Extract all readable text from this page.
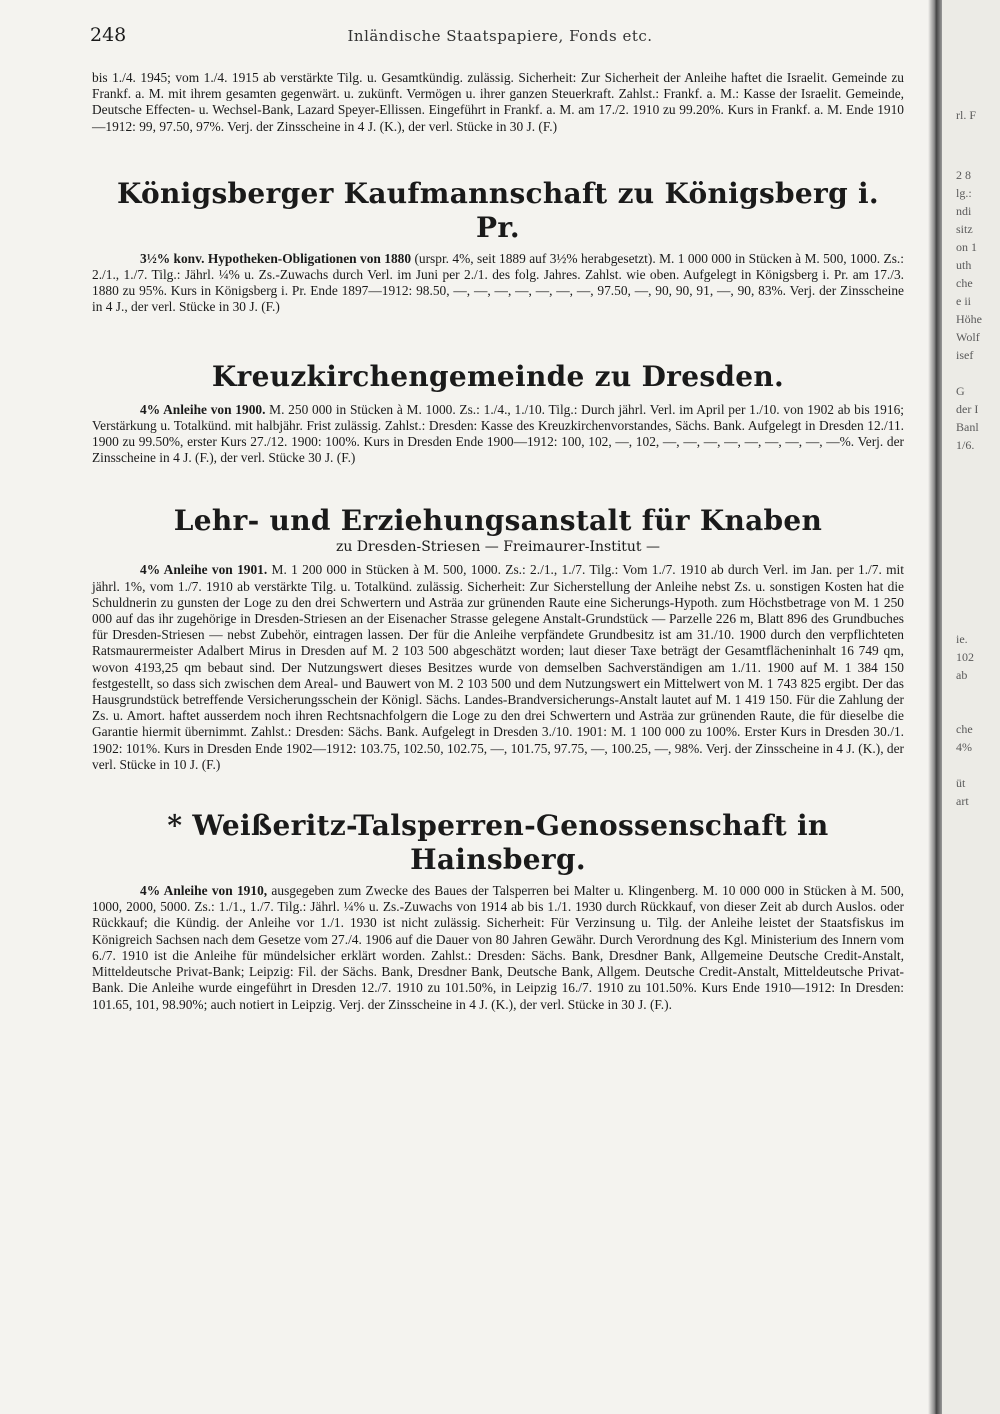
248	Inländische Staatspapiere, Fonds etc.

bis 1./4. 1945; vom 1./4. 1915 ab verstärkte Tilg. u. Gesamtkündig. zulässig. Sicherheit: Zur Sicherheit der Anleihe haftet die Israelit. Gemeinde zu Frankf. a. M. mit ihrem gesamten gegenwärt. u. zukünft. Vermögen u. ihrer ganzen Steuerkraft. Zahlst.: Frankf. a. M.: Kasse der Israelit. Gemeinde, Deutsche Effecten- u. Wechsel-Bank, Lazard Speyer-Ellissen. Eingeführt in Frankf. a. M. am 17./2. 1910 zu 99.20%. Kurs in Frankf. a. M. Ende 1910—1912: 99, 97.50, 97%. Verj. der Zinsscheine in 4 J. (K.), der verl. Stücke in 30 J. (F.)

Königsberger Kaufmannschaft zu Königsberg i. Pr.

3½% konv. Hypotheken-Obligationen von 1880 (urspr. 4%, seit 1889 auf 3½% herabgesetzt). M. 1 000 000 in Stücken à M. 500, 1000. Zs.: 2./1., 1./7. Tilg.: Jährl. ¼% u. Zs.-Zuwachs durch Verl. im Juni per 2./1. des folg. Jahres. Zahlst. wie oben. Aufgelegt in Königsberg i. Pr. am 17./3. 1880 zu 95%. Kurs in Königsberg i. Pr. Ende 1897—1912: 98.50, —, —, —, —, —, —, —, 97.50, —, 90, 90, 91, —, 90, 83%. Verj. der Zinsscheine in 4 J., der verl. Stücke in 30 J. (F.)

Kreuzkirchengemeinde zu Dresden.

4% Anleihe von 1900. M. 250 000 in Stücken à M. 1000. Zs.: 1./4., 1./10. Tilg.: Durch jährl. Verl. im April per 1./10. von 1902 ab bis 1916; Verstärkung u. Totalkünd. mit halbjähr. Frist zulässig. Zahlst.: Dresden: Kasse des Kreuzkirchenvorstandes, Sächs. Bank. Aufgelegt in Dresden 12./11. 1900 zu 99.50%, erster Kurs 27./12. 1900: 100%. Kurs in Dresden Ende 1900—1912: 100, 102, —, 102, —, —, —, —, —, —, —, —, —%. Verj. der Zinsscheine in 4 J. (F.), der verl. Stücke 30 J. (F.)

Lehr- und Erziehungsanstalt für Knaben
zu Dresden-Striesen — Freimaurer-Institut —

4% Anleihe von 1901. M. 1 200 000 in Stücken à M. 500, 1000. Zs.: 2./1., 1./7. Tilg.: Vom 1./7. 1910 ab durch Verl. im Jan. per 1./7. mit jährl. 1%, vom 1./7. 1910 ab verstärkte Tilg. u. Totalkünd. zulässig. Sicherheit: Zur Sicherstellung der Anleihe nebst Zs. u. sonstigen Kosten hat die Schuldnerin zu gunsten der Loge zu den drei Schwertern und Asträa zur grünenden Raute eine Sicherungs-Hypoth. zum Höchstbetrage von M. 1 250 000 auf das ihr zugehörige in Dresden-Striesen an der Eisenacher Strasse gelegene Anstalt-Grundstück — Parzelle 226 m, Blatt 896 des Grundbuches für Dresden-Striesen — nebst Zubehör, eintragen lassen. Der für die Anleihe verpfändete Grundbesitz ist am 31./10. 1900 durch den verpflichteten Ratsmaurermeister Adalbert Mirus in Dresden auf M. 2 103 500 abgeschätzt worden; laut dieser Taxe beträgt der Gesamtflächeninhalt 16 749 qm, wovon 4193,25 qm bebaut sind. Der Nutzungswert dieses Besitzes wurde von demselben Sachverständigen am 1./11. 1900 auf M. 1 384 150 festgestellt, so dass sich zwischen dem Areal- und Bauwert von M. 2 103 500 und dem Nutzungswert ein Mittelwert von M. 1 743 825 ergibt. Der das Hausgrundstück betreffende Versicherungsschein der Königl. Sächs. Landes-Brandversicherungs-Anstalt lautet auf M. 1 419 150. Für die Zahlung der Zs. u. Amort. haftet ausserdem noch ihren Rechtsnachfolgern die Loge zu den drei Schwertern und Asträa zur grünenden Raute, die für dieselbe die Garantie hiermit übernimmt. Zahlst.: Dresden: Sächs. Bank. Aufgelegt in Dresden 3./10. 1901: M. 1 100 000 zu 100%. Erster Kurs in Dresden 30./1. 1902: 101%. Kurs in Dresden Ende 1902—1912: 103.75, 102.50, 102.75, —, 101.75, 97.75, —, 100.25, —, 98%. Verj. der Zinsscheine in 4 J. (K.), der verl. Stücke in 10 J. (F.)

* Weißeritz-Talsperren-Genossenschaft in Hainsberg.

4% Anleihe von 1910, ausgegeben zum Zwecke des Baues der Talsperren bei Malter u. Klingenberg. M. 10 000 000 in Stücken à M. 500, 1000, 2000, 5000. Zs.: 1./1., 1./7. Tilg.: Jährl. ¼% u. Zs.-Zuwachs von 1914 ab bis 1./1. 1930 durch Rückkauf, von dieser Zeit ab durch Auslos. oder Rückkauf; die Kündig. der Anleihe vor 1./1. 1930 ist nicht zulässig. Sicherheit: Für Verzinsung u. Tilg. der Anleihe leistet der Staatsfiskus im Königreich Sachsen nach dem Gesetze vom 27./4. 1906 auf die Dauer von 80 Jahren Gewähr. Durch Verordnung des Kgl. Ministerium des Innern vom 6./7. 1910 ist die Anleihe für mündelsicher erklärt worden. Zahlst.: Dresden: Sächs. Bank, Dresdner Bank, Allgemeine Deutsche Credit-Anstalt, Mitteldeutsche Privat-Bank; Leipzig: Fil. der Sächs. Bank, Dresdner Bank, Deutsche Bank, Allgem. Deutsche Credit-Anstalt, Mitteldeutsche Privat-Bank. Die Anleihe wurde eingeführt in Dresden 12./7. 1910 zu 101.50%, in Leipzig 16./7. 1910 zu 101.50%. Kurs Ende 1910—1912: In Dresden: 101.65, 101, 98.90%; auch notiert in Leipzig. Verj. der Zinsscheine in 4 J. (K.), der verl. Stücke in 30 J. (F.).

rl. F
2 8
lg.:
ndi
sitz
on 1
uth
che
e ii
Höhe
Wolf
isef
G
der I
Banl
1/6.
ie.
102
ab
che
4%
üt
art
